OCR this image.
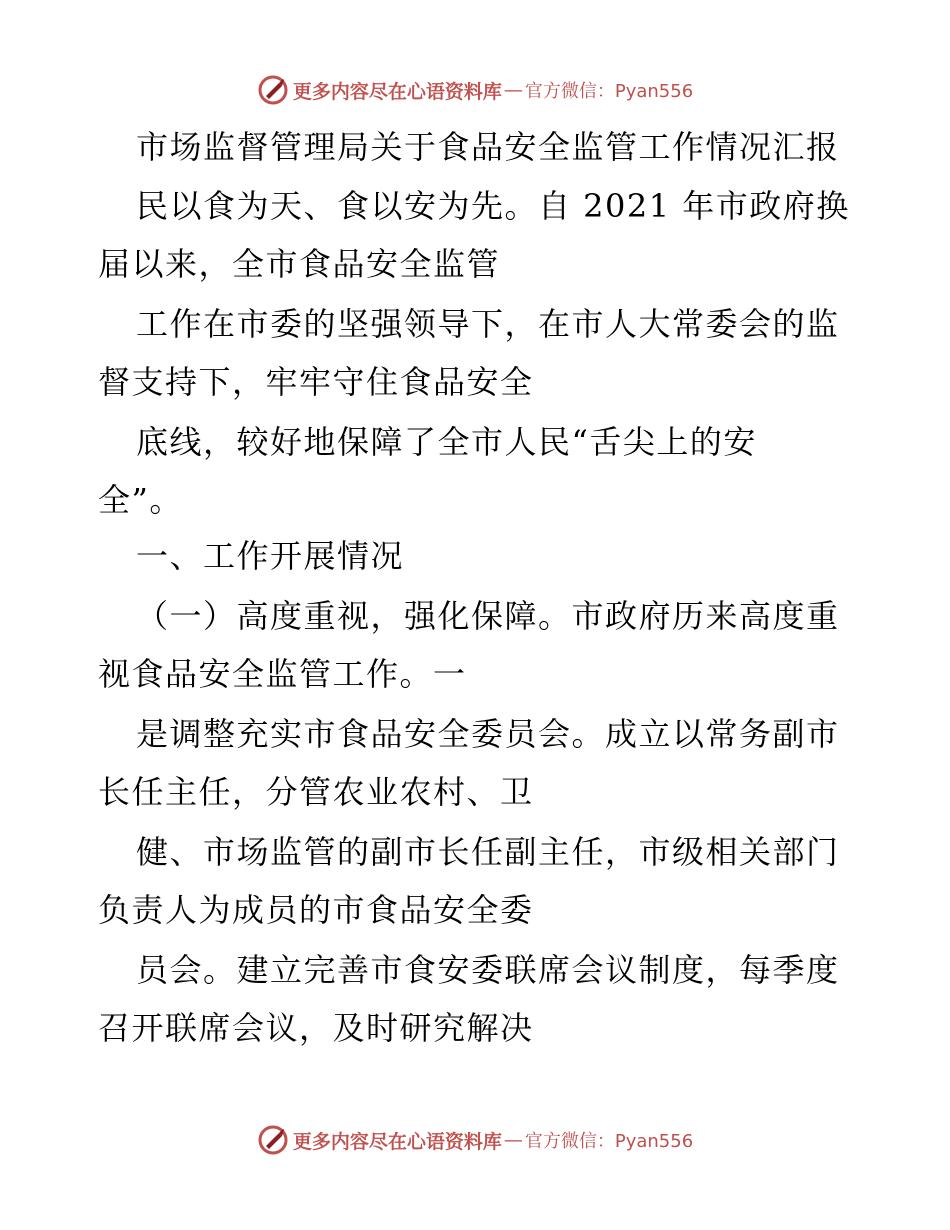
更多内容尽在心语资料库 — 官方微信：Pyan556
市场监督管理局关于食品安全监管工作情况汇报
民以食为天、食以安为先。自 2021 年市政府换
届以来，全市食品安全监管
工作在市委的坚强领导下，在市人大常委会的监
督支持下，牢牢守住食品安全
底线，较好地保障了全市人民“舌尖上的安
全”。
一、工作开展情况
（一）高度重视，强化保障。市政府历来高度重
视食品安全监管工作。一
是调整充实市食品安全委员会。成立以常务副市
长任主任，分管农业农村、卫
健、市场监管的副市长任副主任，市级相关部门
负责人为成员的市食品安全委
员会。建立完善市食安委联席会议制度，每季度
召开联席会议，及时研究解决
更多内容尽在心语资料库 — 官方微信：Pyan556
